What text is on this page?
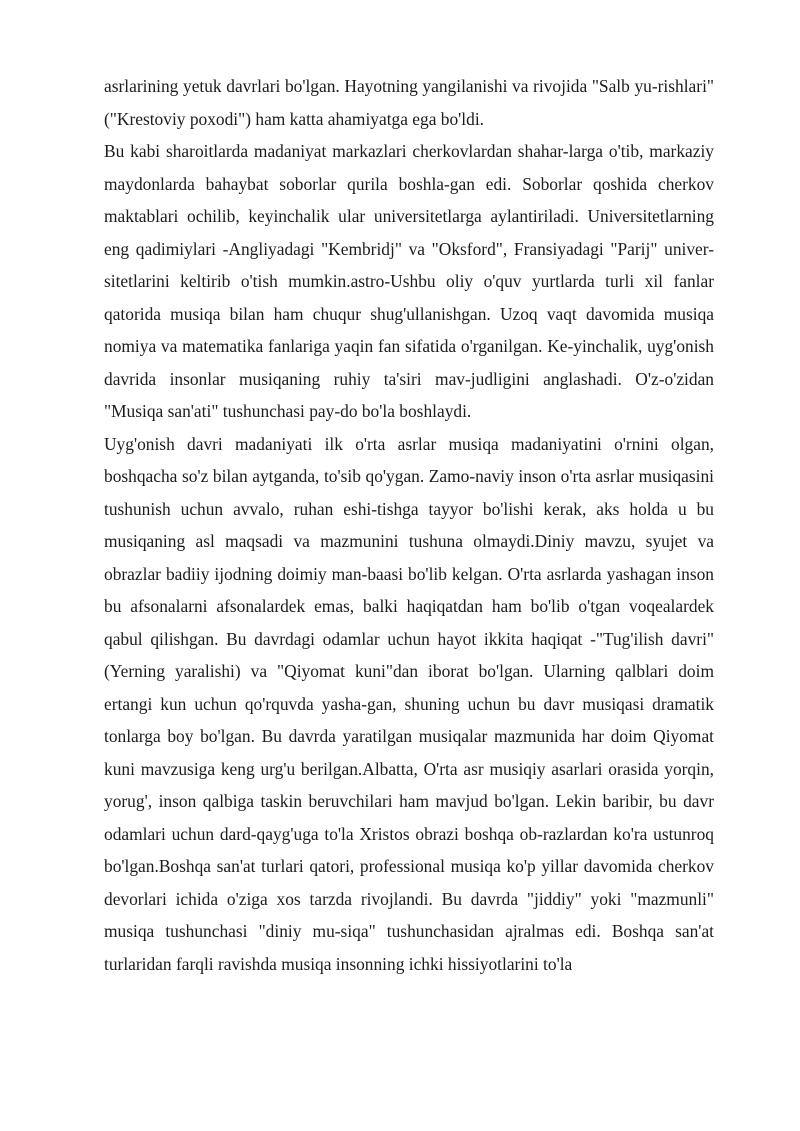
asrlarining yetuk davrlari bo'lgan. Hayotning yangilanishi va rivojida "Salb yu-rishlari" ("Krestoviy poxodi") ham katta ahamiyatga ega bo'ldi.

Bu kabi sharoitlarda madaniyat markazlari cherkovlardan shahar-larga o'tib, markaziy maydonlarda bahaybat soborlar qurila boshla-gan edi. Soborlar qoshida cherkov maktablari ochilib, keyinchalik ular universitetlarga aylantiriladi. Universitetlarning eng qadimiylari -Angliyadagi "Kembridj" va "Oksford", Fransiyadagi "Parij" univer-sitetlarini keltirib o'tish mumkin.astro-Ushbu oliy o'quv yurtlarda turli xil fanlar qatorida musiqa bilan ham chuqur shug'ullanishgan. Uzoq vaqt davomida musiqa nomiya va matematika fanlariga yaqin fan sifatida o'rganilgan. Ke-yinchalik, uyg'onish davrida insonlar musiqaning ruhiy ta'siri mav-judligini anglashadi. O'z-o'zidan "Musiqa san'ati" tushunchasi pay-do bo'la boshlaydi.

Uyg'onish davri madaniyati ilk o'rta asrlar musiqa madaniyatini o'rnini olgan, boshqacha so'z bilan aytganda, to'sib qo'ygan. Zamo-naviy inson o'rta asrlar musiqasini tushunish uchun avvalo, ruhan eshi-tishga tayyor bo'lishi kerak, aks holda u bu musiqaning asl maqsadi va mazmunini tushuna olmaydi.Diniy mavzu, syujet va obrazlar badiiy ijodning doimiy man-baasi bo'lib kelgan. O'rta asrlarda yashagan inson bu afsonalarni afsonalardek emas, balki haqiqatdan ham bo'lib o'tgan voqealardek qabul qilishgan. Bu davrdagi odamlar uchun hayot ikkita haqiqat -"Tug'ilish davri" (Yerning yaralishi) va "Qiyomat kuni"dan iborat bo'lgan. Ularning qalblari doim ertangi kun uchun qo'rquvda yasha-gan, shuning uchun bu davr musiqasi dramatik tonlarga boy bo'lgan. Bu davrda yaratilgan musiqalar mazmunida har doim Qiyomat kuni mavzusiga keng urg'u berilgan.Albatta, O'rta asr musiqiy asarlari orasida yorqin, yorug', inson qalbiga taskin beruvchilari ham mavjud bo'lgan. Lekin baribir, bu davr odamlari uchun dard-qayg'uga to'la Xristos obrazi boshqa ob-razlardan ko'ra ustunroq bo'lgan.Boshqa san'at turlari qatori, professional musiqa ko'p yillar davomida cherkov devorlari ichida o'ziga xos tarzda rivojlandi. Bu davrda "jiddiy" yoki "mazmunli" musiqa tushunchasi "diniy mu-siqa" tushunchasidan ajralmas edi. Boshqa san'at turlaridan farqli ravishda musiqa insonning ichki hissiyotlarini to'la
